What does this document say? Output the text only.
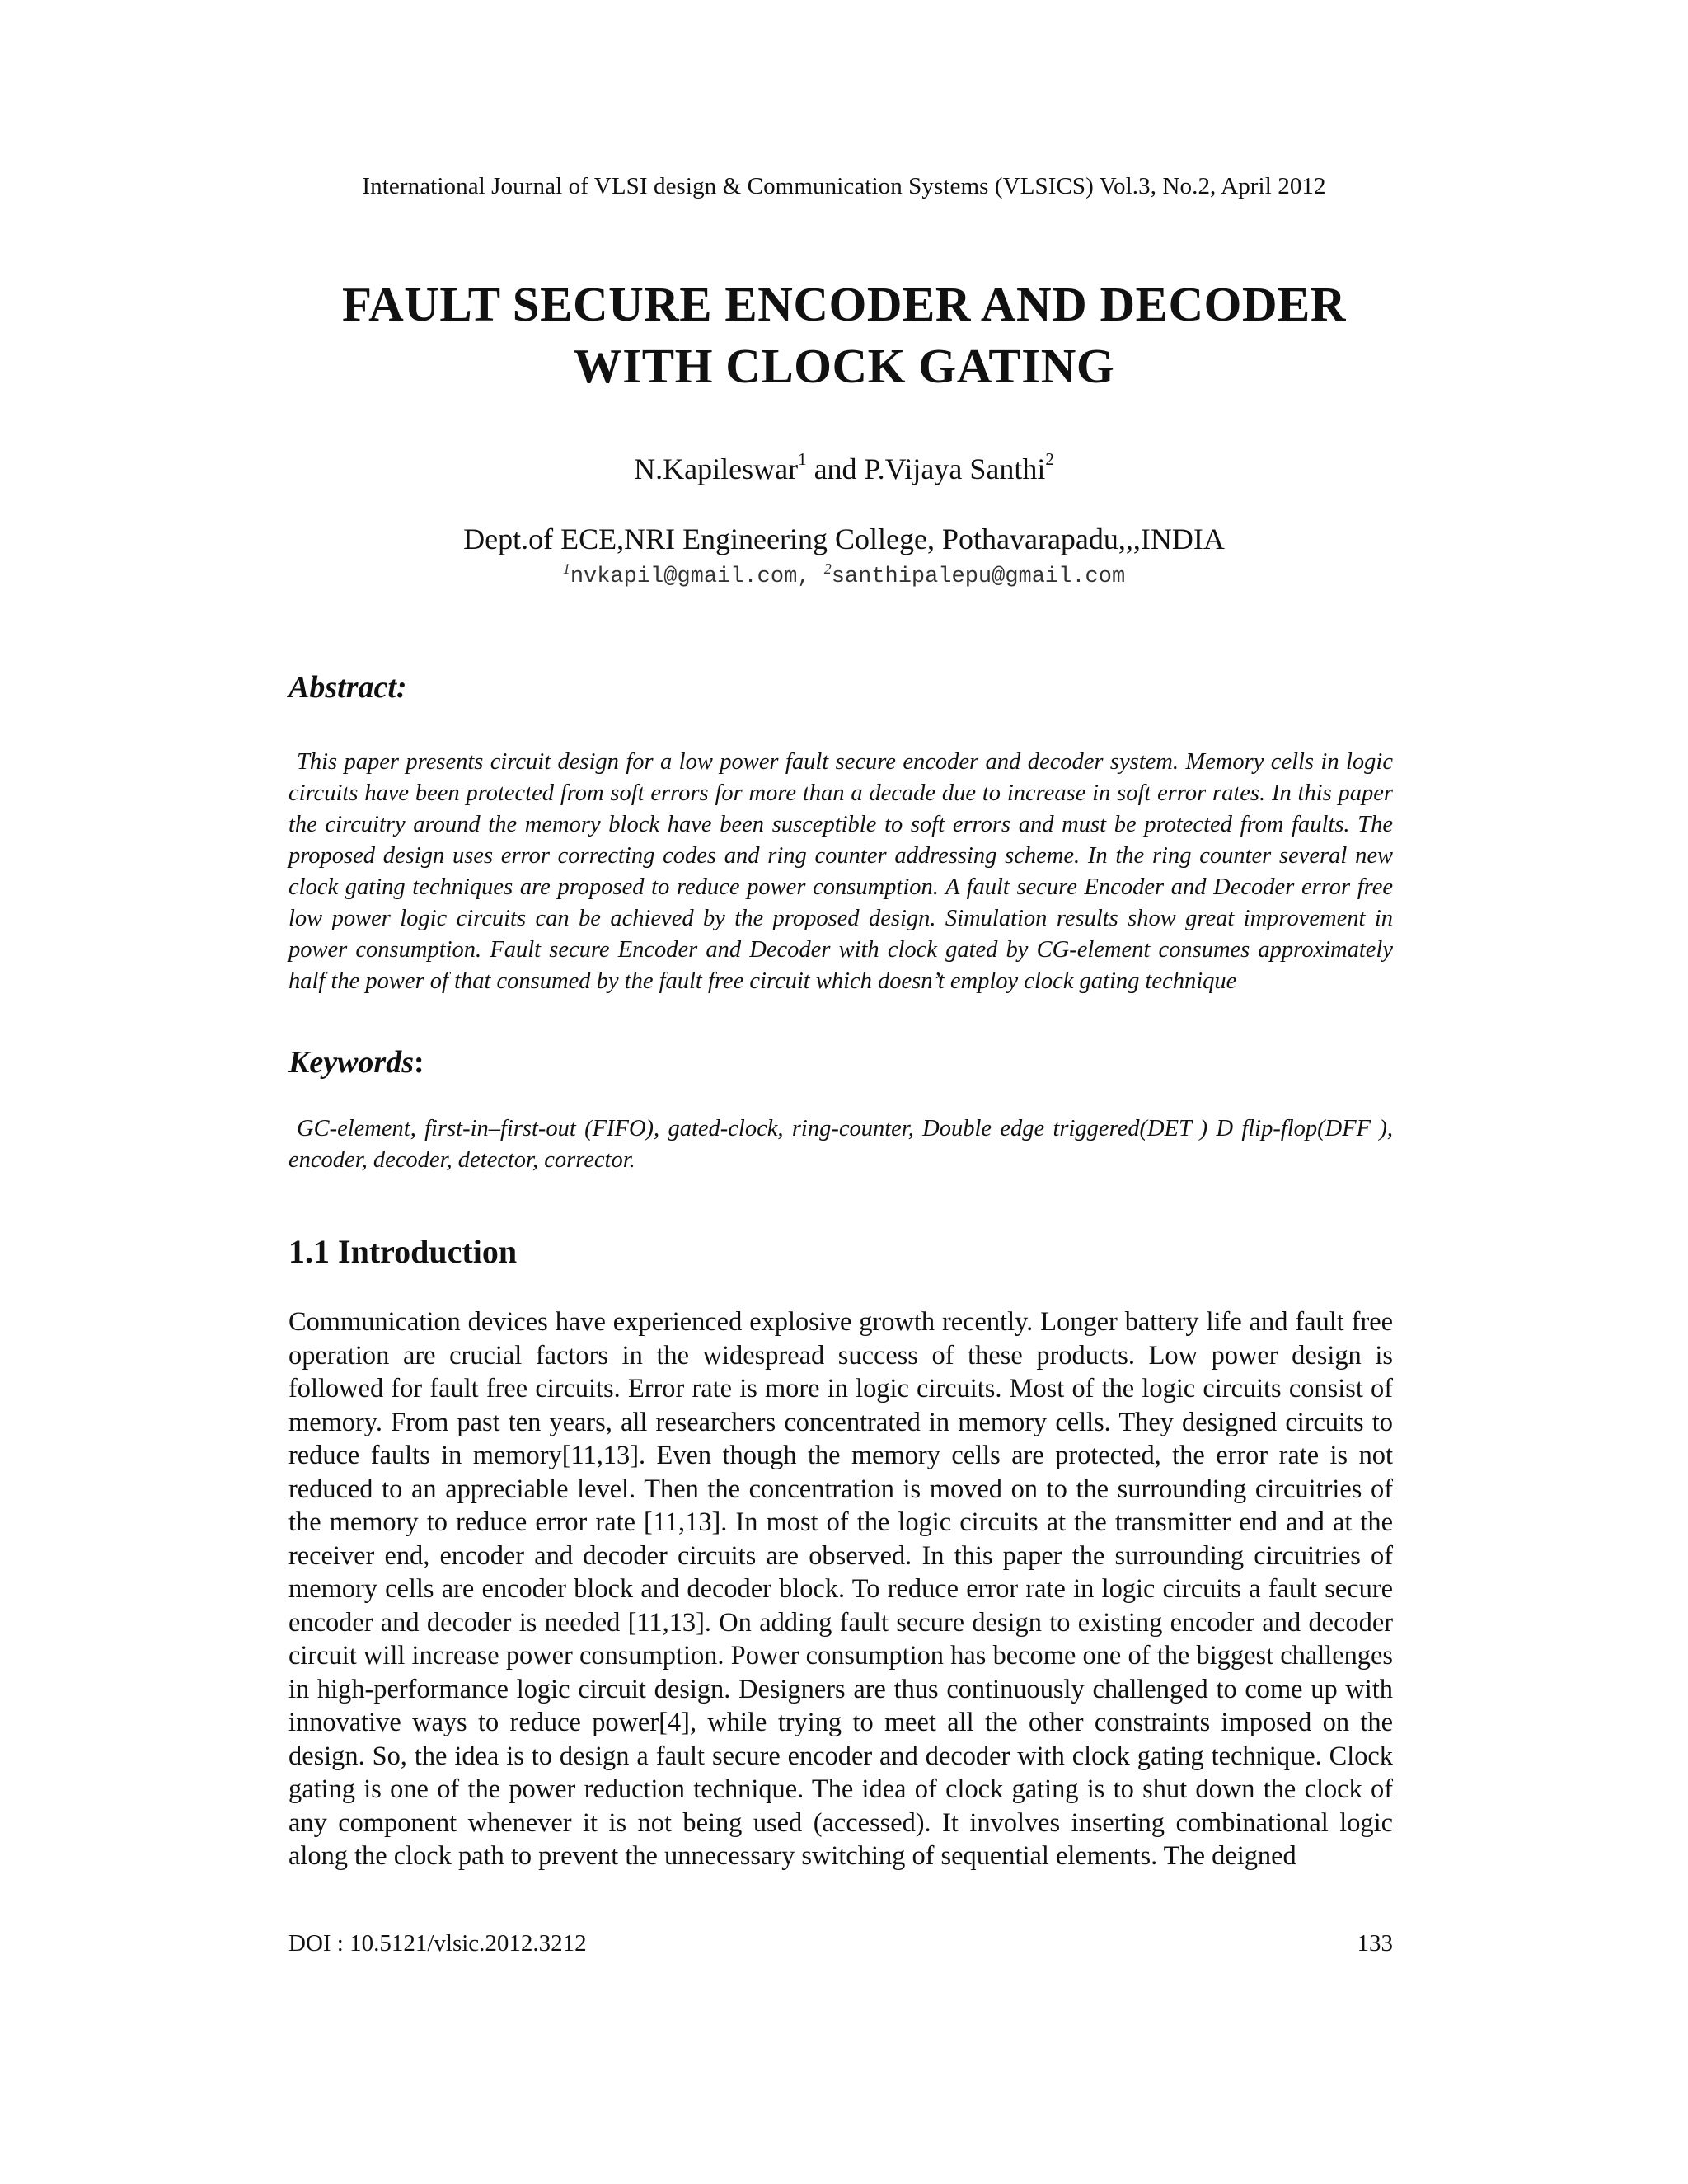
International Journal of VLSI design & Communication Systems (VLSICS) Vol.3, No.2, April 2012
FAULT SECURE ENCODER AND DECODER
WITH CLOCK GATING
N.Kapileswar$^1$ and P.Vijaya Santhi$^2$
Dept.of ECE,NRI Engineering College, Pothavarapadu,,,INDIA
$^1$nvkapil@gmail.com, $^2$santhipalepu@gmail.com
Abstract:
This paper presents circuit design for a low power fault secure encoder and decoder system. Memory cells in logic circuits have been protected from soft errors for more than a decade due to increase in soft error rates. In this paper the circuitry around the memory block have been susceptible to soft errors and must be protected from faults. The proposed design uses error correcting codes and ring counter addressing scheme. In the ring counter several new clock gating techniques are proposed to reduce power consumption. A fault secure Encoder and Decoder error free low power logic circuits can be achieved by the proposed design. Simulation results show great improvement in power consumption. Fault secure Encoder and Decoder with clock gated by CG-element consumes approximately half the power of that consumed by the fault free circuit which doesn’t employ clock gating technique
Keywords:
GC-element, first-in–first-out (FIFO), gated-clock, ring-counter, Double edge triggered(DET ) D flip-flop(DFF ), encoder, decoder, detector, corrector.
1.1 Introduction
Communication devices have experienced explosive growth recently. Longer battery life and fault free operation are crucial factors in the widespread success of these products. Low power design is followed for fault free circuits. Error rate is more in logic circuits. Most of the logic circuits consist of memory. From past ten years, all researchers concentrated in memory cells. They designed circuits to reduce faults in memory[11,13]. Even though the memory cells are protected, the error rate is not reduced to an appreciable level. Then the concentration is moved on to the surrounding circuitries of the memory to reduce error rate [11,13]. In most of the logic circuits at the transmitter end and at the receiver end, encoder and decoder circuits are observed. In this paper the surrounding circuitries of memory cells are encoder block and decoder block. To reduce error rate in logic circuits a fault secure encoder and decoder is needed [11,13]. On adding fault secure design to existing encoder and decoder circuit will increase power consumption. Power consumption has become one of the biggest challenges in high-performance logic circuit design. Designers are thus continuously challenged to come up with innovative ways to reduce power[4], while trying to meet all the other constraints imposed on the design. So, the idea is to design a fault secure encoder and decoder with clock gating technique. Clock gating is one of the power reduction technique. The idea of clock gating is to shut down the clock of any component whenever it is not being used (accessed). It involves inserting combinational logic along the clock path to prevent the unnecessary switching of sequential elements. The deigned
DOI : 10.5121/vlsic.2012.3212	133
